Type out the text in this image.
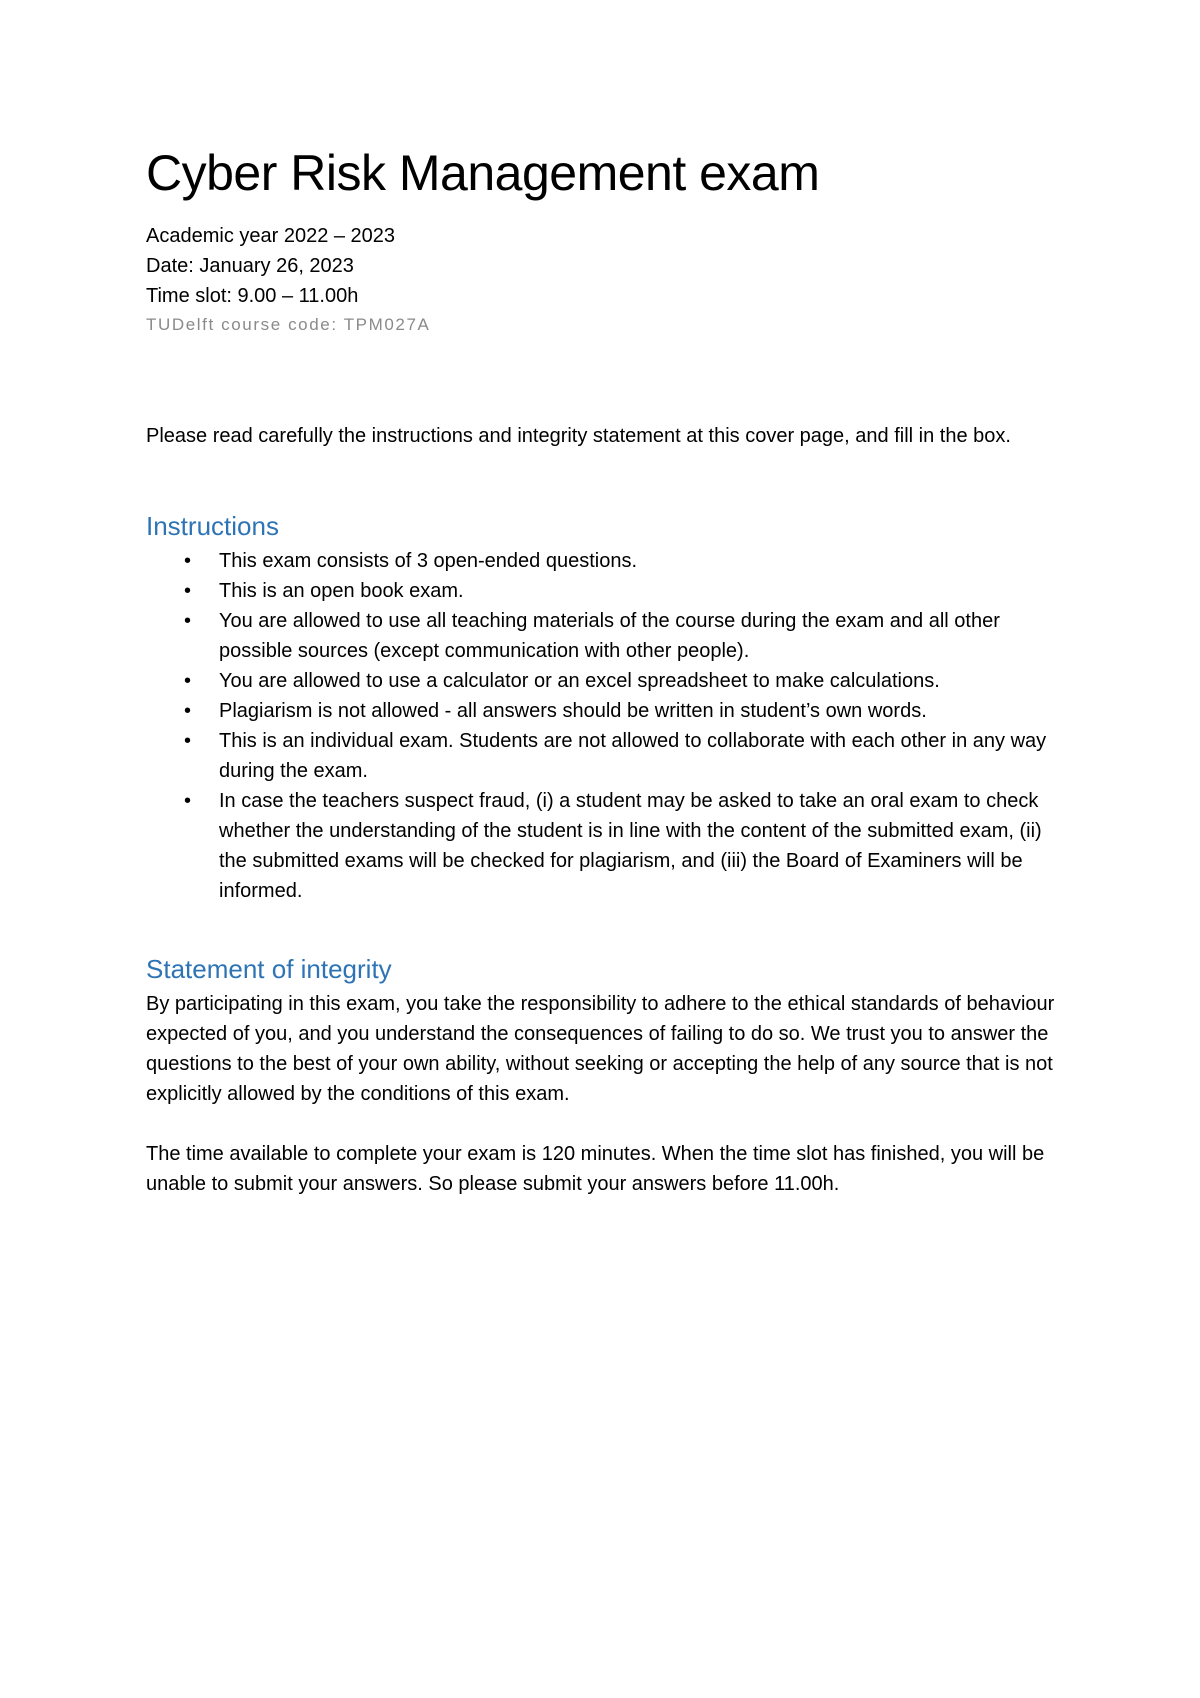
Cyber Risk Management exam

Academic year 2022 – 2023

Date: January 26, 2023

Time slot: 9.00 – 11.00h

TUDelft course code: TPM027A

Please read carefully the instructions and integrity statement at this cover page, and fill in the box.

Instructions
• This exam consists of 3 open-ended questions.
• This is an open book exam.
• You are allowed to use all teaching materials of the course during the exam and all other possible sources (except communication with other people).
• You are allowed to use a calculator or an excel spreadsheet to make calculations.
• Plagiarism is not allowed - all answers should be written in student’s own words.
• This is an individual exam. Students are not allowed to collaborate with each other in any way during the exam.
• In case the teachers suspect fraud, (i) a student may be asked to take an oral exam to check whether the understanding of the student is in line with the content of the submitted exam, (ii) the submitted exams will be checked for plagiarism, and (iii) the Board of Examiners will be informed.
Statement of integrity

By participating in this exam, you take the responsibility to adhere to the ethical standards of behaviour expected of you, and you understand the consequences of failing to do so. We trust you to answer the questions to the best of your own ability, without seeking or accepting the help of any source that is not explicitly allowed by the conditions of this exam.

The time available to complete your exam is 120 minutes. When the time slot has finished, you will be unable to submit your answers. So please submit your answers before 11.00h.
